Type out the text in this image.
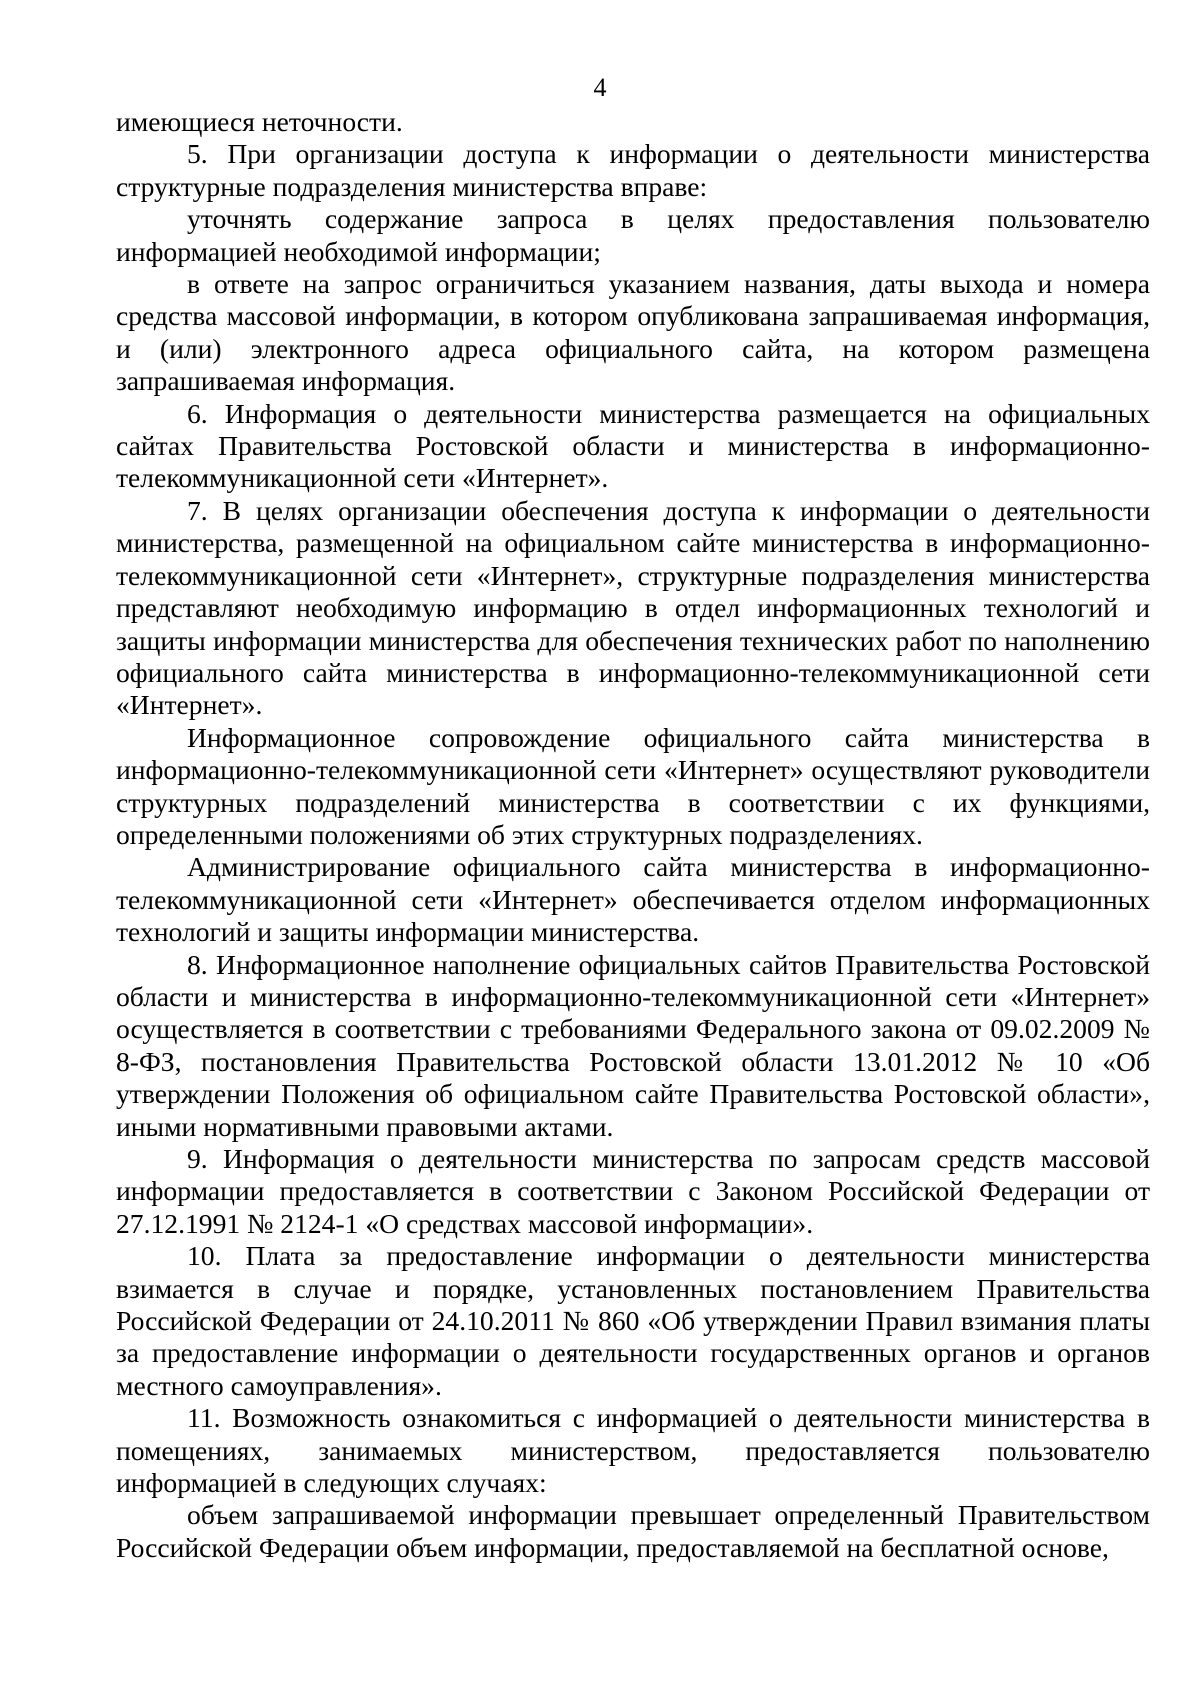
4

имеющиеся неточности.

5. При организации доступа к информации о деятельности министерства структурные подразделения министерства вправе:

уточнять содержание запроса в целях предоставления пользователю информацией необходимой информации;

в ответе на запрос ограничиться указанием названия, даты выхода и номера средства массовой информации, в котором опубликована запрашиваемая информация, и (или) электронного адреса официального сайта, на котором размещена запрашиваемая информация.

6. Информация о деятельности министерства размещается на официальных сайтах Правительства Ростовской области и министерства в информационно-телекоммуникационной сети «Интернет».

7. В целях организации обеспечения доступа к информации о деятельности министерства, размещенной на официальном сайте министерства в информационно-телекоммуникационной сети «Интернет», структурные подразделения министерства представляют необходимую информацию в отдел информационных технологий и защиты информации министерства для обеспечения технических работ по наполнению официального сайта министерства в информационно-телекоммуникационной сети «Интернет».

Информационное сопровождение официального сайта министерства в информационно-телекоммуникационной сети «Интернет» осуществляют руководители структурных подразделений министерства в соответствии с их функциями, определенными положениями об этих структурных подразделениях.

Администрирование официального сайта министерства в информационно-телекоммуникационной сети «Интернет» обеспечивается отделом информационных технологий и защиты информации министерства.

8. Информационное наполнение официальных сайтов Правительства Ростовской области и министерства в информационно-телекоммуникационной сети «Интернет» осуществляется в соответствии с требованиями Федерального закона от 09.02.2009 № 8-ФЗ, постановления Правительства Ростовской области 13.01.2012 № 10 «Об утверждении Положения об официальном сайте Правительства Ростовской области», иными нормативными правовыми актами.

9. Информация о деятельности министерства по запросам средств массовой информации предоставляется в соответствии с Законом Российской Федерации от 27.12.1991 № 2124-1 «О средствах массовой информации».

10. Плата за предоставление информации о деятельности министерства взимается в случае и порядке, установленных постановлением Правительства Российской Федерации от 24.10.2011 № 860 «Об утверждении Правил взимания платы за предоставление информации о деятельности государственных органов и органов местного самоуправления».

11. Возможность ознакомиться с информацией о деятельности министерства в помещениях, занимаемых министерством, предоставляется пользователю информацией в следующих случаях:

объем запрашиваемой информации превышает определенный Правительством Российской Федерации объем информации, предоставляемой на бесплатной основе,
